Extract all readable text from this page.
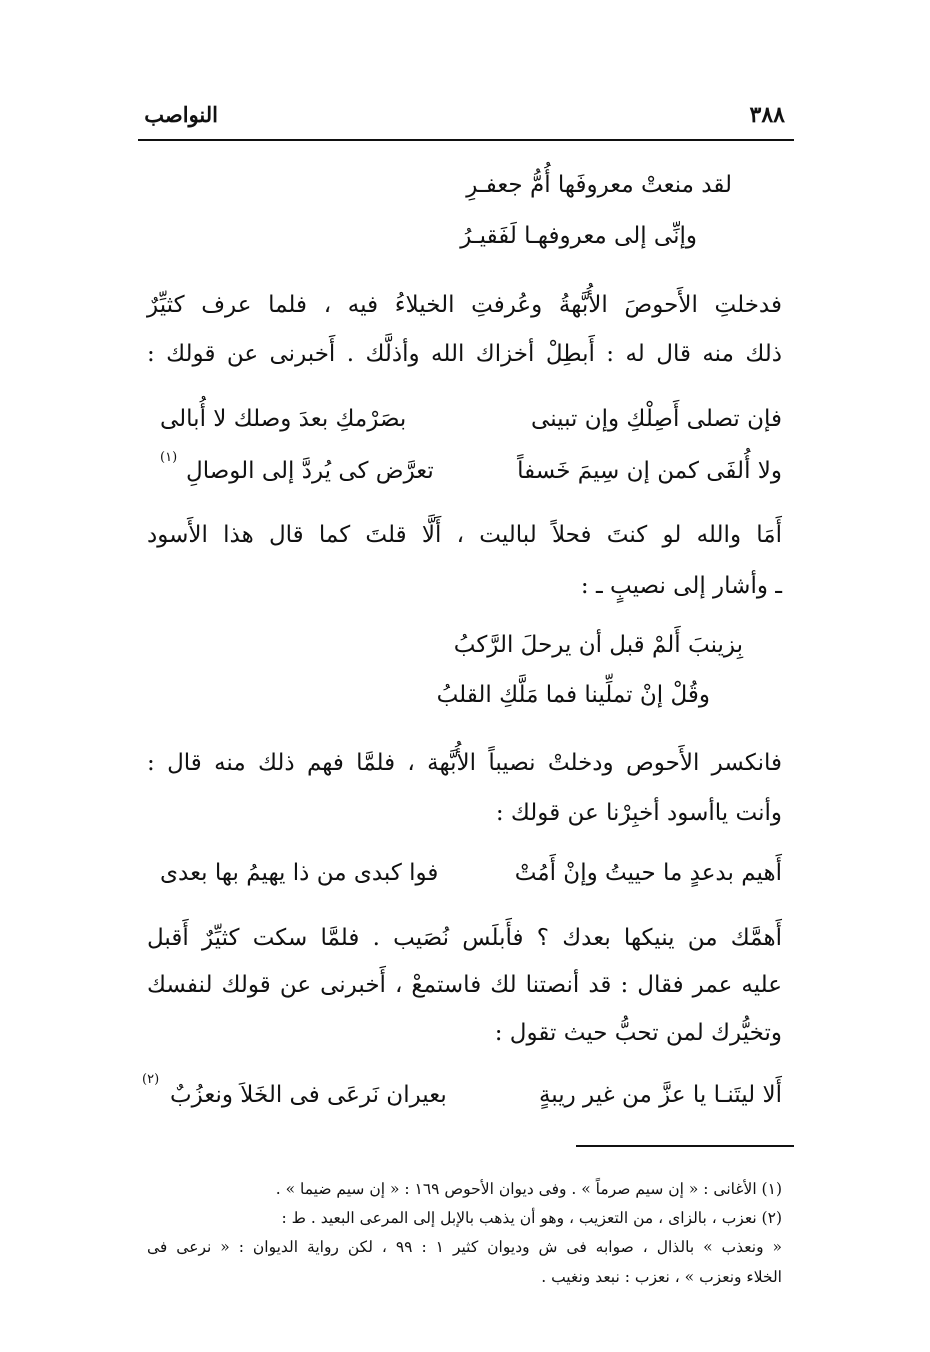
النواصب	٣٨٨
لقد منعتْ معروفَها أُمُّ جعفـرِ
وإنِّى إلى معروفهـا لَفَقيـرُ
فدخلتِ الأَحوصَ الأُبَّهةُ وعُرفتِ الخيلاءُ فيه ، فلما عرف كثيِّرٌ
ذلك منه قال له : أَبطِلْ أخزاك الله وأذلَّك . أَخبرنى عن قولك :
فإن تصلى أَصِلْكِ وإن تبينى
بصَرْمكِ بعدَ وصلك لا أُبالى
ولا أُلفَى كمن إن سِيمَ خَسفاً
تعرَّض كى يُردَّ إلى الوصالِ
(١)
أَمَا والله لو كنتَ فحلاً لباليت ، أَلَّا قلتَ كما قال هذا الأَسود
ـ وأشار إلى نصيبٍ ـ :
بِزينبَ أَلمْ قبل أن يرحلَ الرَّكبُ
وقُلْ إنْ تملِّينا فما مَلَّكِ القلبُ
فانكسر الأَحوص ودخلتْ نصيباً الأُبَّهة ، فلمَّا فهم ذلك منه قال :
وأنت ياأسود أخبِرْنا عن قولك :
أَهيم بدعدٍ ما حييتُ وإنْ أَمُتْ
فوا كبدى من ذا يهيمُ بها بعدى
أَهمَّك من ينيكها بعدك ؟ فأَبلَس نُصَيب . فلمَّا سكت كثيِّرٌ أَقبل
عليه عمر فقال : قد أنصتنا لك فاستمعْ ، أَخبرنى عن قولك لنفسك
وتخيُّرك لمن تحبُّ حيث تقول :
أَلا ليتَنـا يا عزَّ من غير ريبةٍ
بعيران نَرعَى فى الخَلاَ ونعزُبٌ
(٢)
(١) الأغانى : « إن سيم صرماً » . وفى ديوان الأحوص ١٦٩ : « إن سيم ضيما » .
(٢) نعزب ، بالزاى ، من التعزيب ، وهو أن يذهب بالإبل إلى المرعى البعيد . ط :
« ونعذب » بالذال ، صوابه فى ش وديوان كثير ١ : ٩٩ ، لكن رواية الديوان : « نرعى فى
الخلاء ونعزب » ، نعزب : نبعد ونغيب .
